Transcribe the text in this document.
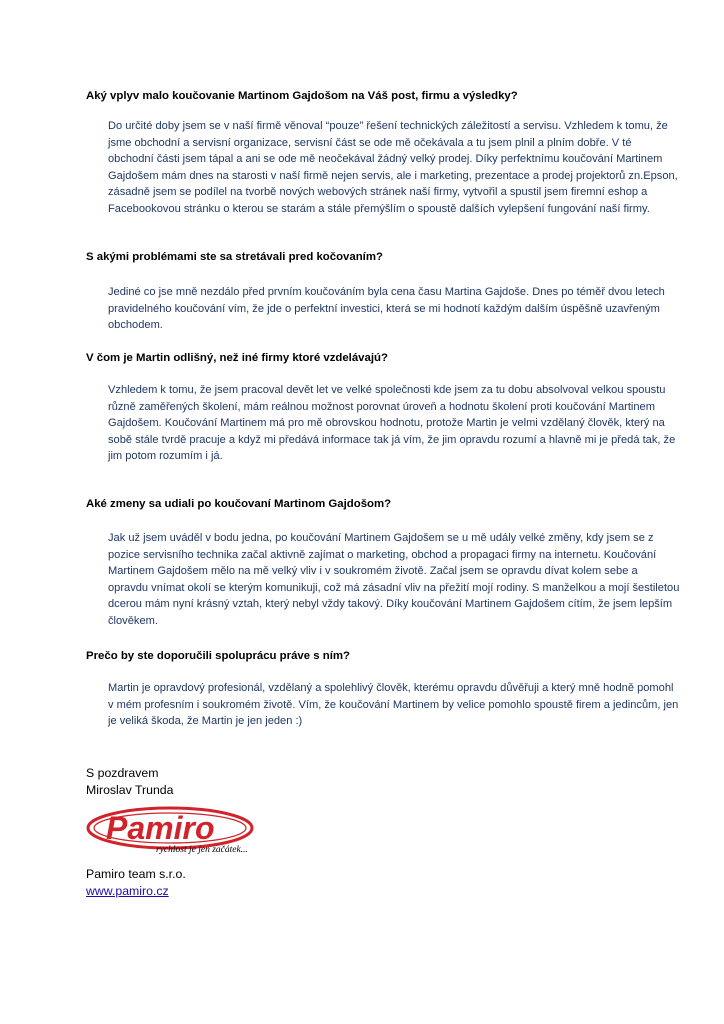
Aký vplyv malo koučovanie Martinom Gajdošom na Váš post, firmu a výsledky?
Do určité doby jsem se v naší firmě věnoval “pouze” řešení technických záležitostí a servisu. Vzhledem k tomu, že jsme obchodní a servisní organizace, servisní část se ode mě očekávala a tu jsem plnil a plním dobře. V té obchodní části jsem tápal a ani se ode mě neočekával žádný velký prodej. Díky perfektnímu koučování Martinem Gajdošem mám dnes na starosti v naší firmě nejen servis, ale i marketing, prezentace a prodej projektorů zn.Epson, zásadně jsem se podílel na tvorbě nových webových stránek naší firmy, vytvořil a spustil jsem firemní eshop a Facebookovou stránku o kterou se starám a stále přemýšlím o spoustě dalších vylepšení fungování naší firmy.
S akými problémami ste sa stretávali pred kočovaním?
Jediné co jse mně nezdálo před prvním koučováním byla cena času Martina Gajdoše. Dnes po téměř dvou letech pravidelného koučování vím, že jde o perfektní investici, která se mi hodnotí každým dalším úspěšně uzavřeným obchodem.
V čom je Martin odlišný, než iné firmy ktoré vzdelávajú?
Vzhledem k tomu, že jsem pracoval devět let ve velké společnosti kde jsem za tu dobu absolvoval velkou spoustu různě zaměřených školení, mám reálnou možnost porovnat úroveň a hodnotu školení proti koučování Martinem Gajdošem. Koučování Martinem má pro mě obrovskou hodnotu, protože Martin je velmi vzdělaný člověk, který na sobě stále tvrdě pracuje a když mi předává informace tak já vím, že jim opravdu rozumí a hlavně mi je předá tak, že jim potom rozumím i já.
Aké zmeny sa udiali po koučovaní Martinom Gajdošom?
Jak už jsem uváděl v bodu jedna, po koučování Martinem Gajdošem se u mě udály velké změny, kdy jsem se z pozice servisního technika začal aktivně zajímat o marketing, obchod a propagaci firmy na internetu. Koučování Martinem Gajdošem mělo na mě velký vliv i v soukromém životě. Začal jsem se opravdu dívat kolem sebe a opravdu vnímat okolí se kterým komunikuji, což má zásadní vliv na přežití mojí rodiny. S manželkou a mojí šestiletou dcerou mám nyní krásný vztah, který nebyl vždy takový. Díky koučování Martinem Gajdošem cítím, že jsem lepším člověkem.
Prečo by ste doporučili spoluprácu práve s ním?
Martin je opravdový profesionál, vzdělaný a spolehlivý člověk, kterému opravdu důvěřuji a který mně hodně pomohl v mém profesním i soukromém životě. Vím, že koučování Martinem by velice pomohlo spoustě firem a jedincům, jen je veliká škoda, že Martin je jen jeden :)
S pozdravem
Miroslav Trunda
Pamiro
rychlost je jen začátek...
Pamiro team s.r.o.
www.pamiro.cz
